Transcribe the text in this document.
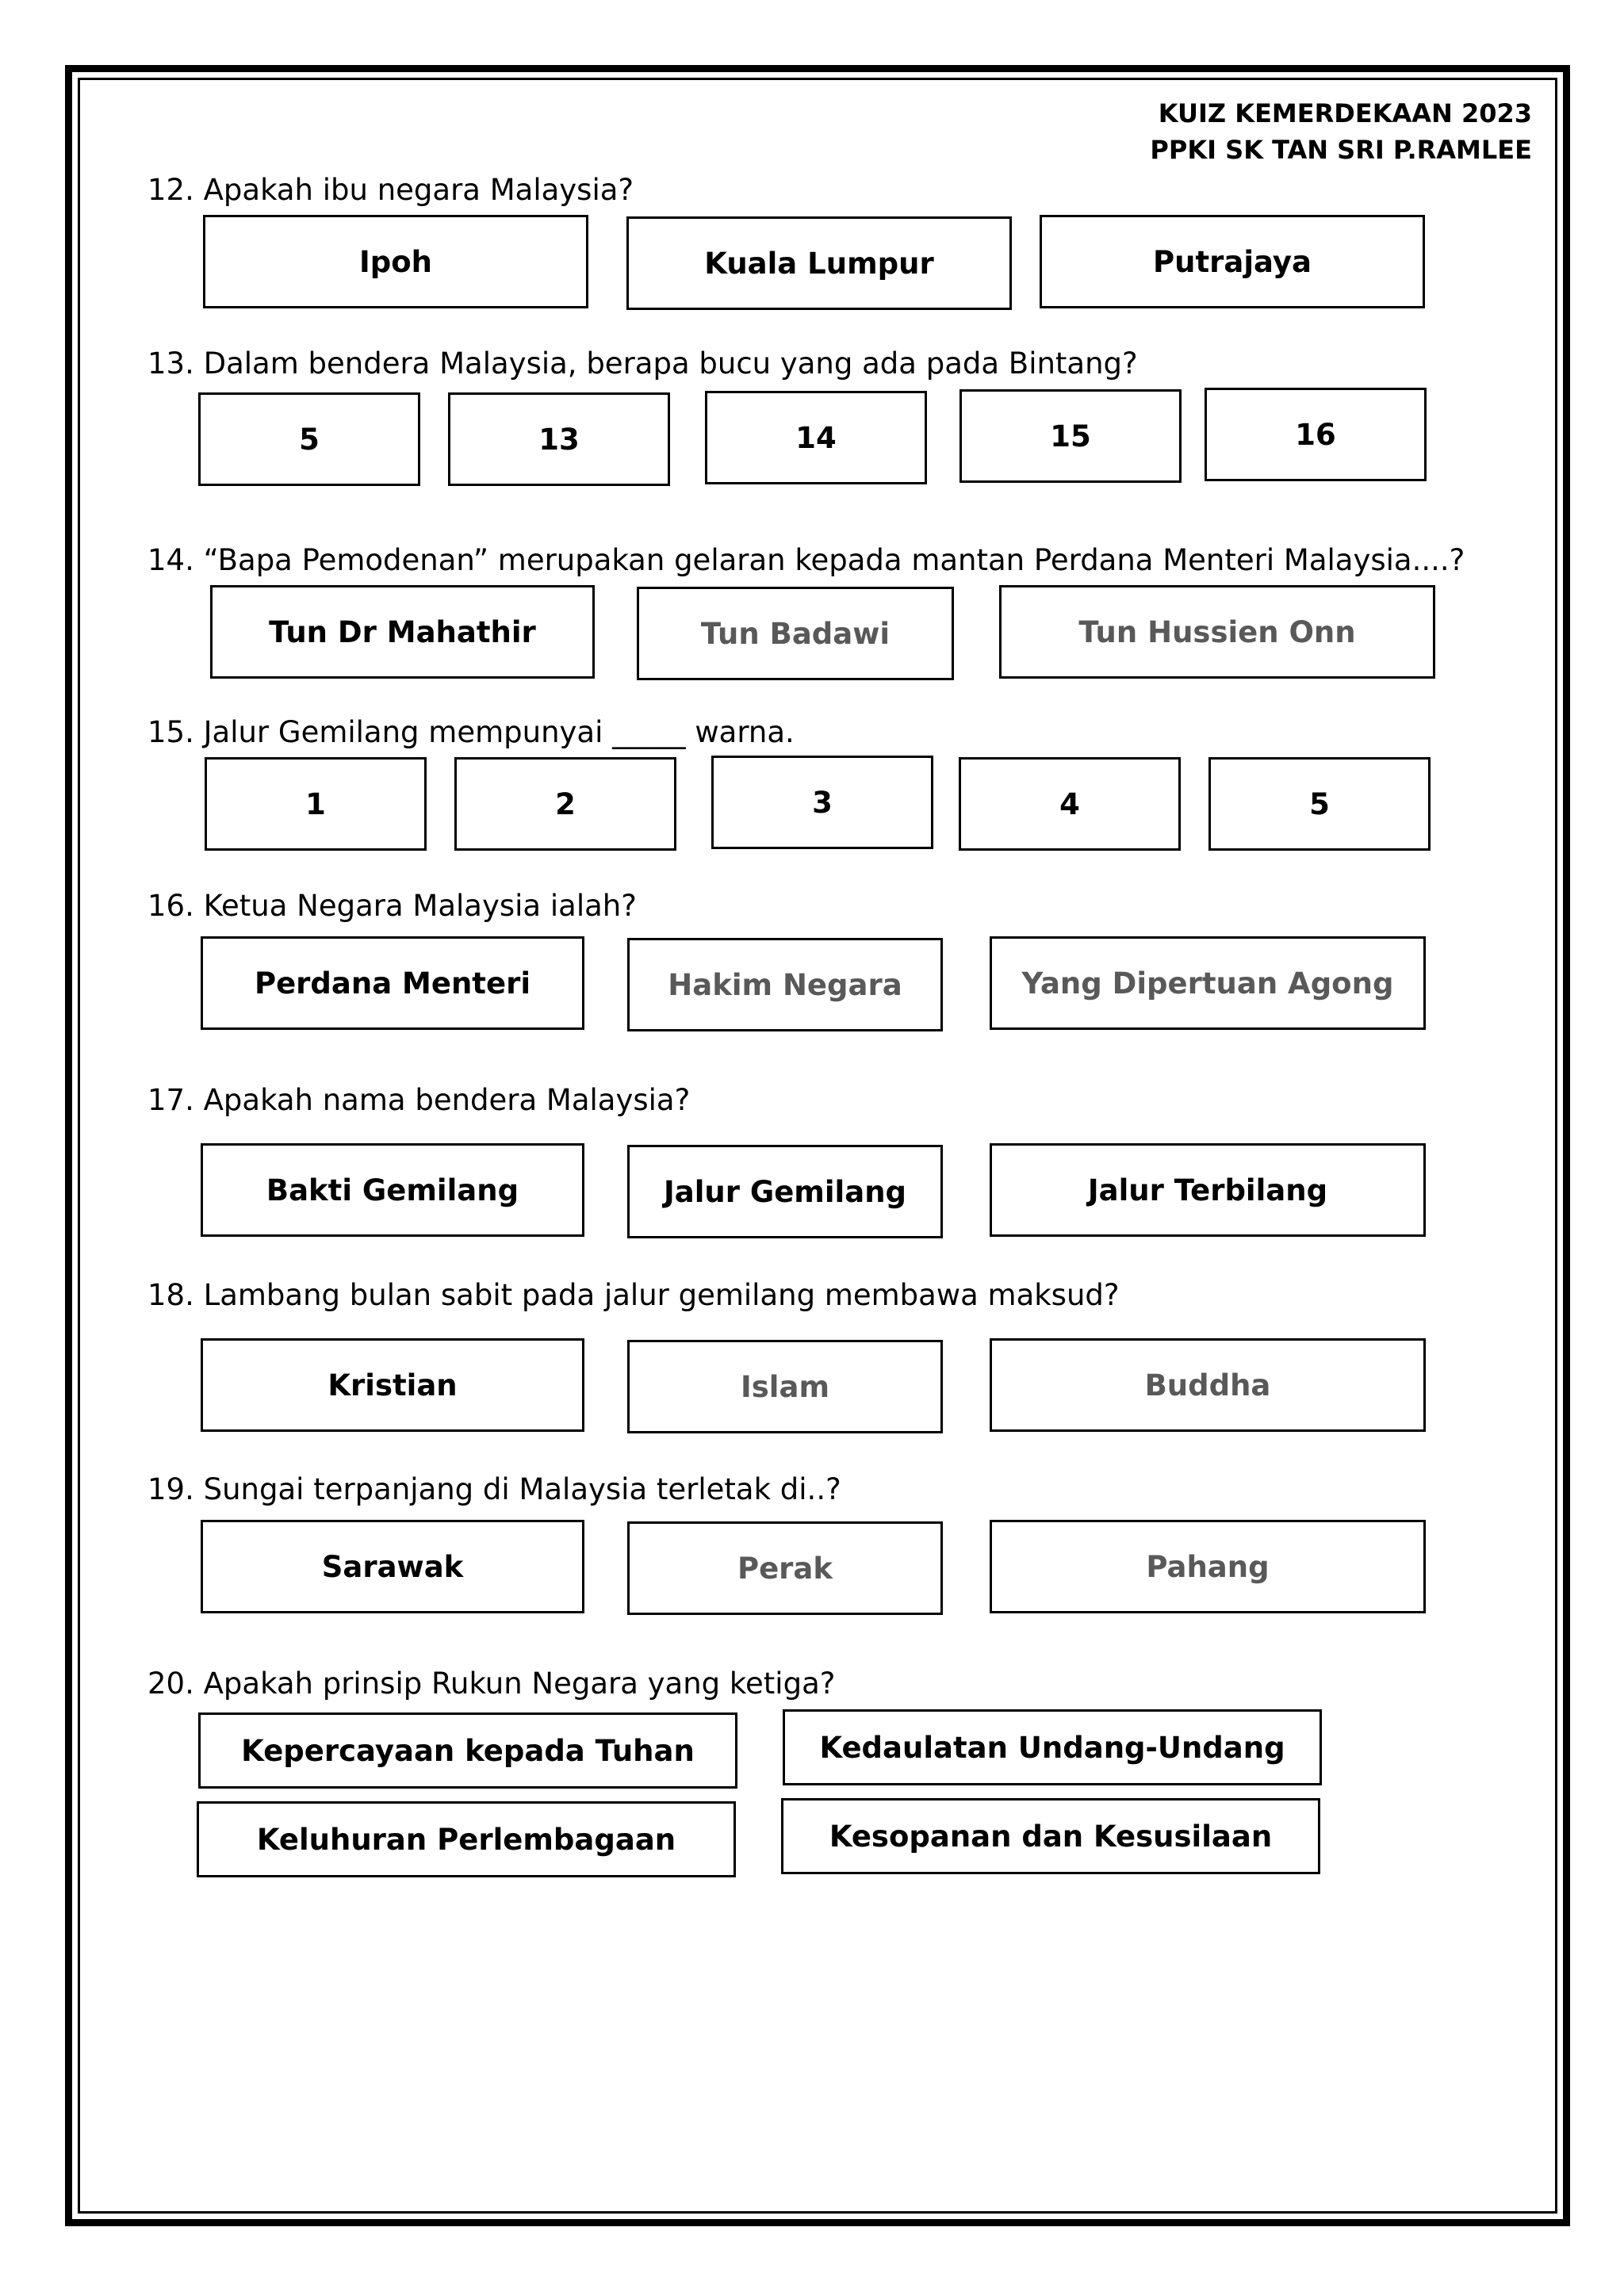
KUIZ KEMERDEKAAN 2023
PPKI SK TAN SRI P.RAMLEE
12. Apakah ibu negara Malaysia?
Ipoh	Kuala Lumpur	Putrajaya
13. Dalam bendera Malaysia, berapa bucu yang ada pada Bintang?
5	13	14	15	16
14. “Bapa Pemodenan” merupakan gelaran kepada mantan Perdana Menteri Malaysia....?
Tun Dr Mahathir	Tun Badawi	Tun Hussien Onn
15. Jalur Gemilang mempunyai _____ warna.
1	2	3	4	5
16. Ketua Negara Malaysia ialah?
Perdana Menteri	Hakim Negara	Yang Dipertuan Agong
17. Apakah nama bendera Malaysia?
Bakti Gemilang	Jalur Gemilang	Jalur Terbilang
18. Lambang bulan sabit pada jalur gemilang membawa maksud?
Kristian	Islam	Buddha
19. Sungai terpanjang di Malaysia terletak di..?
Sarawak	Perak	Pahang
20. Apakah prinsip Rukun Negara yang ketiga?
Kepercayaan kepada Tuhan	Kedaulatan Undang-Undang
Keluhuran Perlembagaan	Kesopanan dan Kesusilaan
